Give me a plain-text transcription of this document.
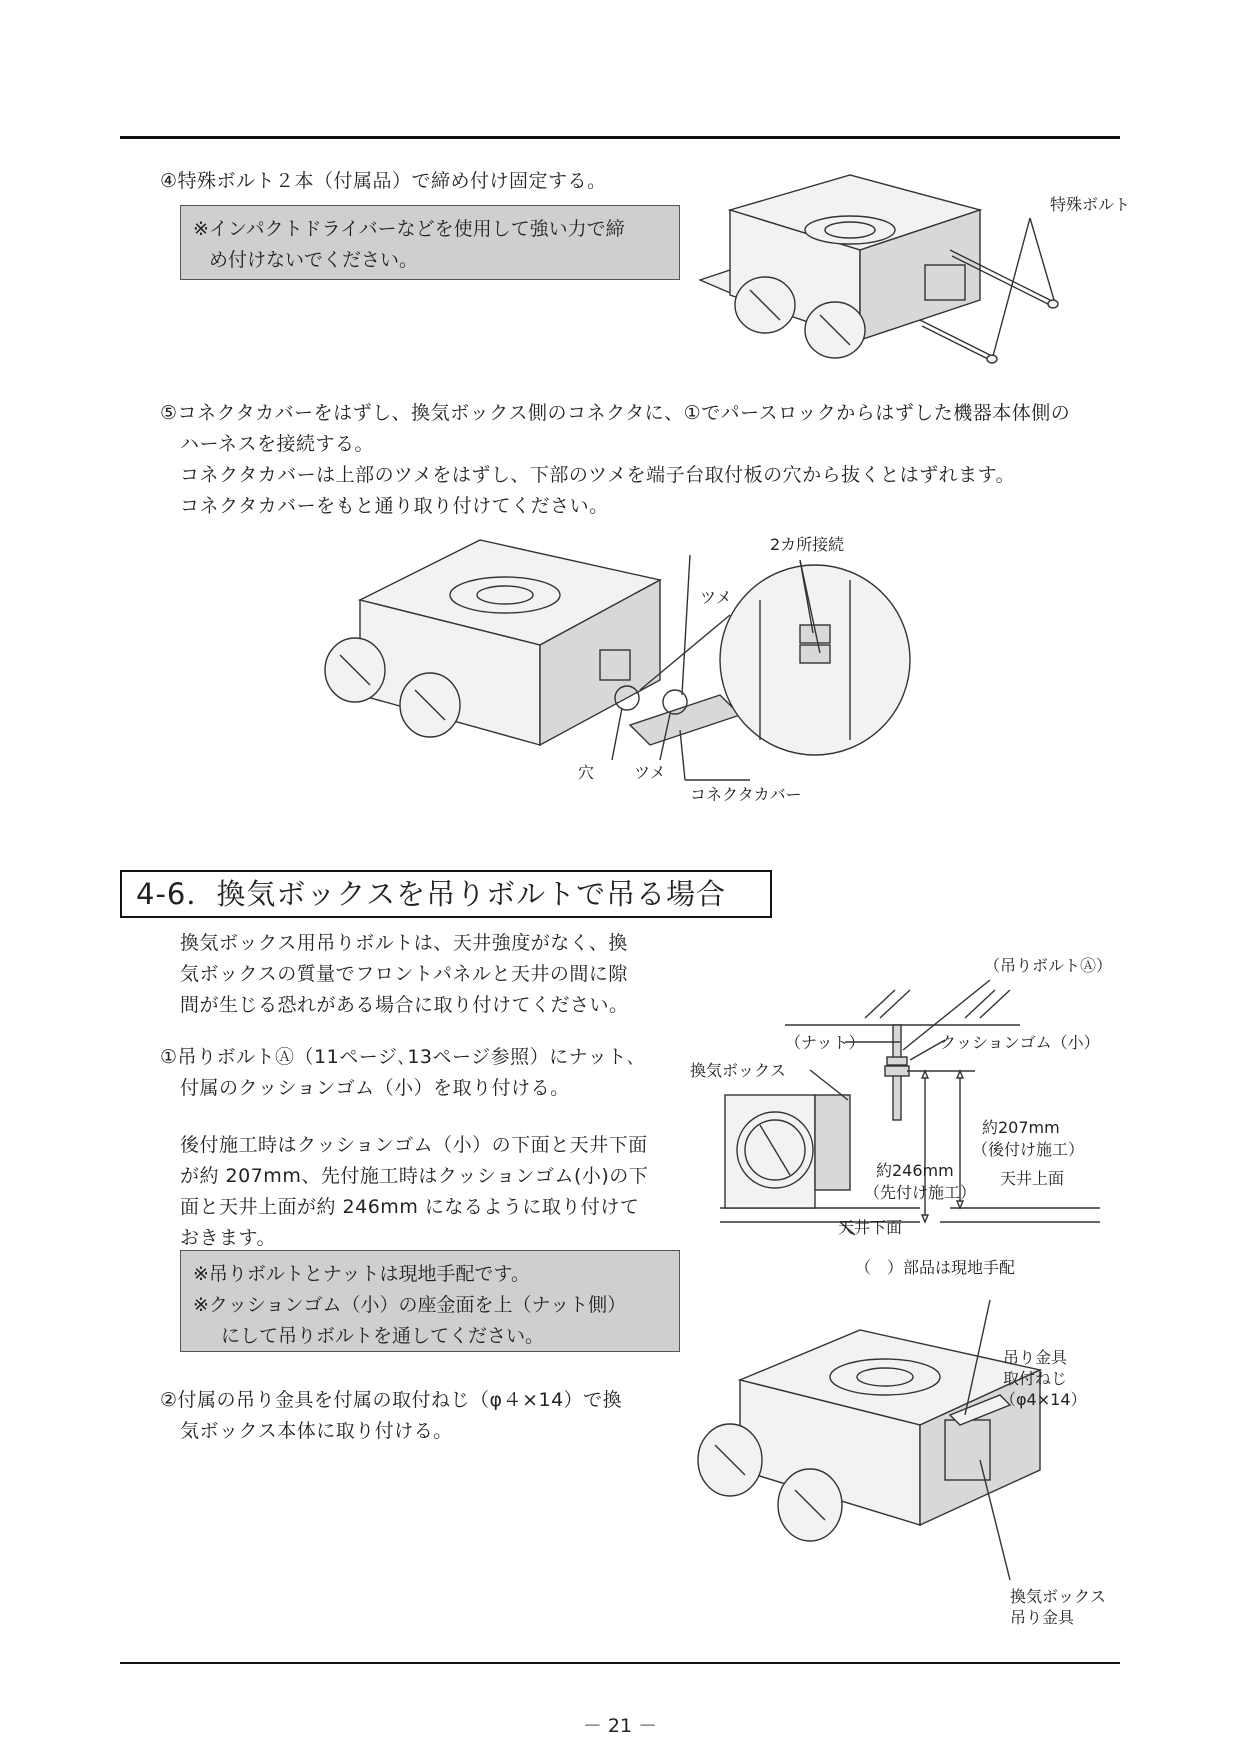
④特殊ボルト２本（付属品）で締め付け固定する。
※インパクトドライバーなどを使用して強い力で締
め付けないでください。
特殊ボルト
⑤コネクタカバーをはずし、換気ボックス側のコネクタに、①でパースロックからはずした機器本体側の
ハーネスを接続する。
コネクタカバーは上部のツメをはずし、下部のツメを端子台取付板の穴から抜くとはずれます。
コネクタカバーをもと通り取り付けてください。
2カ所接続
ツメ
穴 ツメ
コネクタカバー
4-6．換気ボックスを吊りボルトで吊る場合
換気ボックス用吊りボルトは、天井強度がなく、換
気ボックスの質量でフロントパネルと天井の間に隙
間が生じる恐れがある場合に取り付けてください。
①吊りボルトⒶ（11ページ､13ページ参照）にナット､
付属のクッションゴム（小）を取り付ける。
後付施工時はクッションゴム（小）の下面と天井下面
が約 207mm、先付施工時はクッションゴム(小)の下
面と天井上面が約 246mm になるように取り付けて
おきます。
※吊りボルトとナットは現地手配です。
※クッションゴム（小）の座金面を上（ナット側）
にして吊りボルトを通してください。
②付属の吊り金具を付属の取付ねじ（φ４×14）で換
気ボックス本体に取り付ける。
（吊りボルトⒶ）
（ナット）	クッションゴム（小）
換気ボックス
約207mm
（後付け施工）
約246mm
（先付け施工）
天井上面
天井下面
（　）部品は現地手配
吊り金具
取付ねじ
（φ4×14）
換気ボックス
吊り金具
－ 21 －
